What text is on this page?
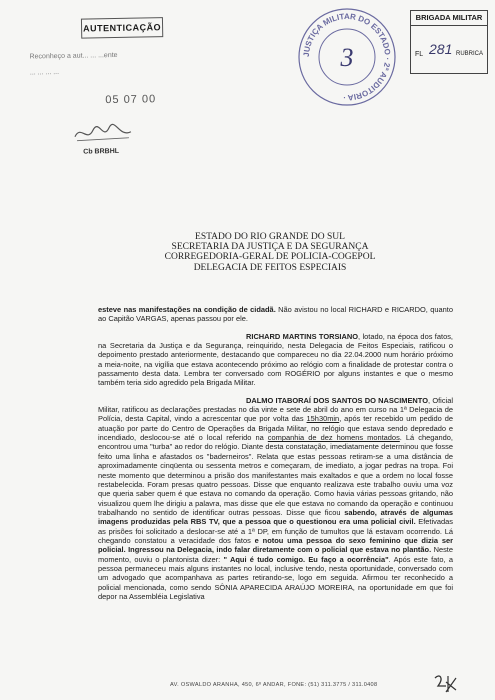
AUTENTICAÇÃO
Reconheço a aut... ... ...ente
... ... ... ...
05 07 00
Cb BRBHL
JUSTIÇA MILITAR DO ESTADO · 2ª AUDITORIA ·
3
BRIGADA MILITAR
FL 281 RUBRICA
ESTADO DO RIO GRANDE DO SUL
SECRETARIA DA JUSTIÇA E DA SEGURANÇA
CORREGEDORIA-GERAL DE POLICIA-COGEPOL
DELEGACIA DE FEITOS ESPECIAIS

esteve nas manifestações na condição de cidadã. Não avistou no local RICHARD e RICARDO, quanto ao Capitão VARGAS, apenas passou por ele.

RICHARD MARTINS TORSIANO, lotado, na época dos fatos, na Secretaria da Justiça e da Segurança, reinquirido, nesta Delegacia de Feitos Especiais, ratificou o depoimento prestado anteriormente, destacando que compareceu no dia 22.04.2000 num horário próximo a meia-noite, na vigília que estava acontecendo próximo ao relógio com a finalidade de protestar contra o passamento desta data. Lembra ter conversado com ROGÉRIO por alguns instantes e que o mesmo também teria sido agredido pela Brigada Militar.

DALMO ITABORAÍ DOS SANTOS DO NASCIMENTO, Oficial Militar, ratificou as declarações prestadas no dia vinte e sete de abril do ano em curso na 1ª Delegacia de Polícia, desta Capital, vindo a acrescentar que por volta das 15h30min, após ter recebido um pedido de atuação por parte do Centro de Operações da Brigada Militar, no relógio que estava sendo depredado e incendiado, deslocou-se até o local referido na companhia de dez homens montados. Lá chegando, encontrou uma "turba" ao redor do relógio. Diante desta constatação, imediatamente determinou que fosse feito uma linha e afastados os "baderneiros". Relata que estas pessoas retiram-se a uma distância de aproximadamente cinqüenta ou sessenta metros e começaram, de imediato, a jogar pedras na tropa. Foi neste momento que determinou a prisão dos manifestantes mais exaltados e que a ordem no local fosse restabelecida. Foram presas quatro pessoas. Disse que enquanto realizava este trabalho ouviu uma voz que queria saber quem é que estava no comando da operação. Como havia várias pessoas gritando, não visualizou quem lhe dirigiu a palavra, mas disse que ele que estava no comando da operação e continuou trabalhando no sentido de identificar outras pessoas. Disse que ficou sabendo, através de algumas imagens produzidas pela RBS TV, que a pessoa que o questionou era uma policial civil. Efetivadas as prisões foi solicitado a deslocar-se até a 1ª DP, em função de tumultos que lá estavam ocorrendo. Lá chegando constatou a veracidade dos fatos e notou uma pessoa do sexo feminino que dizia ser policial. Ingressou na Delegacia, indo falar diretamente com o policial que estava no plantão. Neste momento, ouviu o plantonista dizer: " Aqui é tudo comigo. Eu faço a ocorrência". Após este fato, a pessoa permaneceu mais alguns instantes no local, inclusive tendo, nesta oportunidade, conversado com um advogado que acompanhava as partes retirando-se, logo em seguida. Afirmou ter reconhecido a policial mencionada, como sendo SÔNIA APARECIDA ARAÚJO MOREIRA, na oportunidade em que foi depor na Assembléia Legislativa

AV. OSWALDO ARANHA, 450, 6º ANDAR, FONE: (51) 311.3775 / 311.0408
